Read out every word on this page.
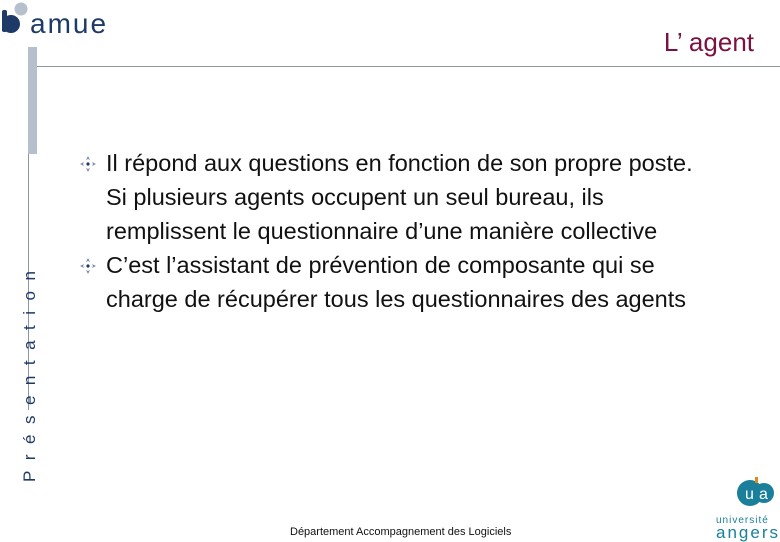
amue
L’ agent
Présentation

Il répond aux questions en fonction de son propre poste. Si plusieurs agents occupent un seul bureau, ils remplissent le questionnaire d’une manière collective

C’est l’assistant de prévention de composante qui se charge de récupérer tous les questionnaires des agents

Département Accompagnement des Logiciels
u a
université
angers
